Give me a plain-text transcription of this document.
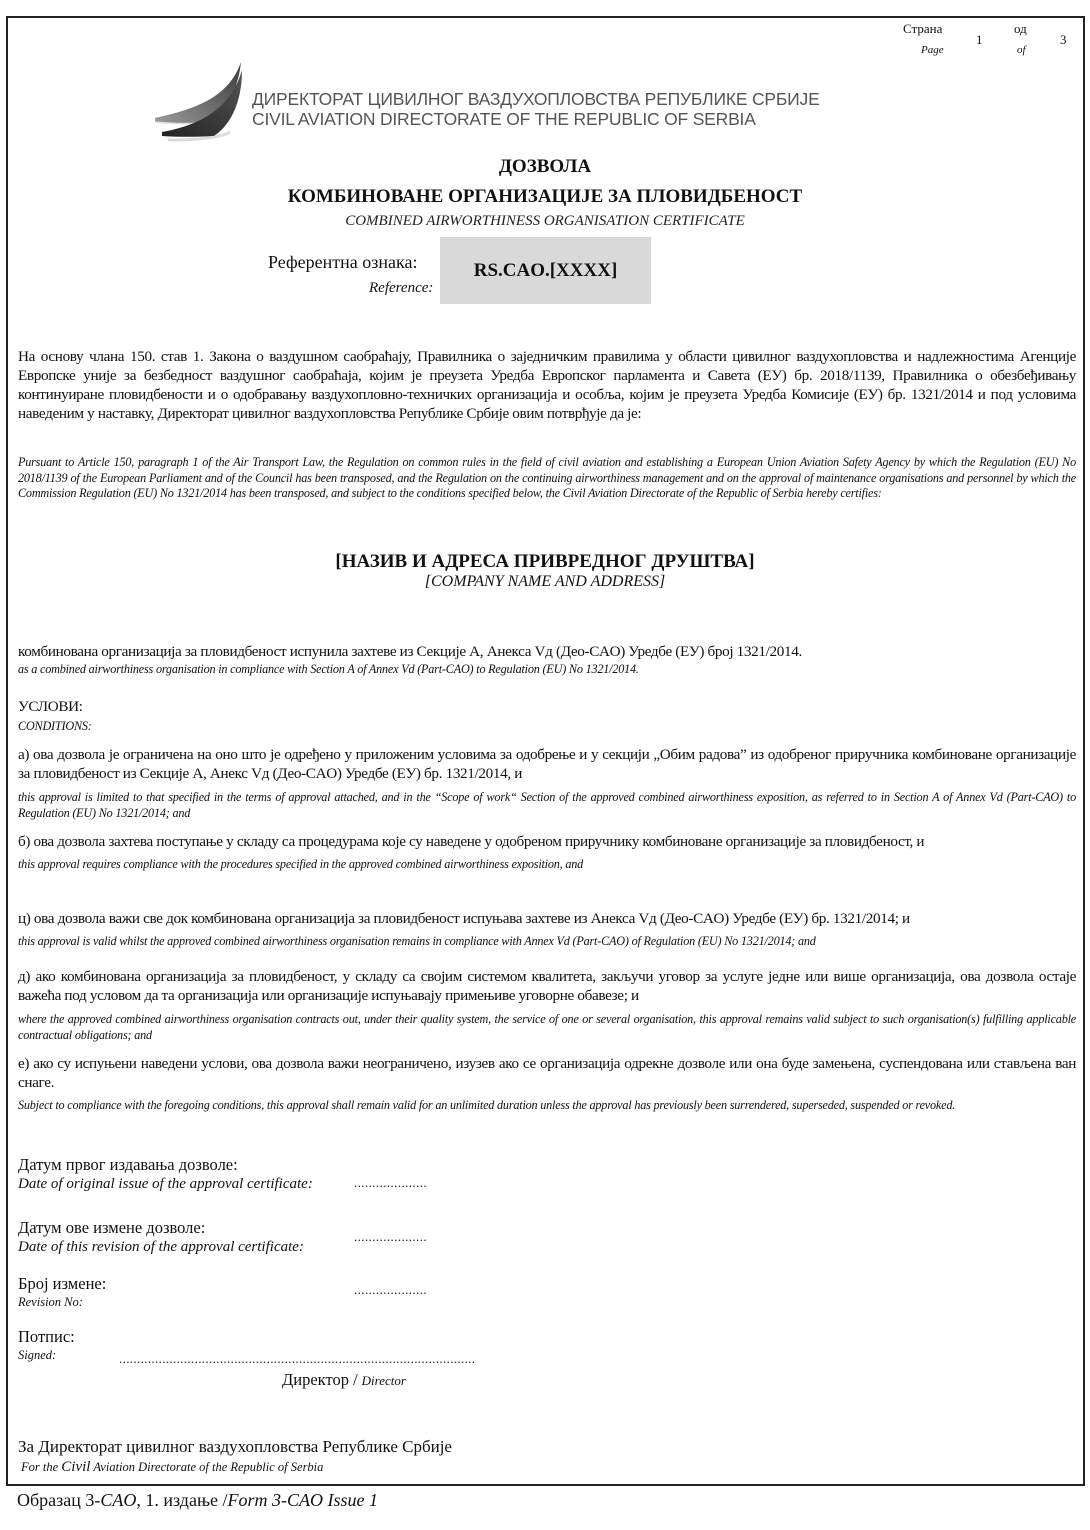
Страна
Page
1
од
of
3
ДИРЕКТОРАТ ЦИВИЛНОГ ВАЗДУХОПЛОВСТВА РЕПУБЛИКЕ СРБИЈЕ
CIVIL AVIATION DIRECTORATE OF THE REPUBLIC OF SERBIA
ДОЗВОЛА
КОМБИНОВАНЕ ОРГАНИЗАЦИЈЕ ЗА ПЛОВИДБЕНОСТ
COMBINED AIRWORTHINESS ORGANISATION CERTIFICATE
Референтна ознака:
Reference:
RS.CAO.[XXXX]
На основу члана 150. став 1. Закона о ваздушном саобраћају, Правилника о заједничким правилима у области цивилног ваздухопловства и надлежностима Агенције Европске уније за безбедност ваздушног саобраћаја, којим је преузета Уредба Европског парламента и Савета (ЕУ) бр. 2018/1139, Правилника о обезбеђивању континуиране пловидбености и о одобравању ваздухопловно-техничких организација и особља, којим је преузета Уредба Комисије (ЕУ) бр. 1321/2014 и под условима наведеним у наставку, Директорат цивилног ваздухопловства Републике Србије овим потврђује да је:
Pursuant to Article 150, paragraph 1 of the Air Transport Law, the Regulation on common rules in the field of civil aviation and establishing a European Union Aviation Safety Agency by which the Regulation (EU) No 2018/1139 of the European Parliament and of the Council has been transposed, and the Regulation on the continuing airworthiness management and on the approval of maintenance organisations and personnel by which the Commission Regulation (EU) No 1321/2014 has been transposed, and subject to the conditions specified below, the Civil Aviation Directorate of the Republic of Serbia hereby certifies:
[НАЗИВ И АДРЕСА ПРИВРЕДНОГ ДРУШТВА]
[COMPANY NAME AND ADDRESS]
комбинована организација за пловидбеност испунила захтеве из Секције А, Анекса Vд (Део-CAO) Уредбе (ЕУ) број 1321/2014.
as a combined airworthiness organisation in compliance with Section A of Annex Vd (Part-CAO) to Regulation (EU) No 1321/2014.
УСЛОВИ:
CONDITIONS:
а) ова дозвола је ограничена на оно што је одређено у приложеним условима за одобрење и у секцији „Обим радова” из одобреног приручника комбиноване организације за пловидбеност из Секције А, Анекс Vд (Део-CAO) Уредбе (ЕУ) бр. 1321/2014, и
this approval is limited to that specified in the terms of approval attached, and in the “Scope of work“ Section of the approved combined airworthiness exposition, as referred to in Section A of Annex Vd (Part-CAO) to Regulation (EU) No 1321/2014; and
б) ова дозвола захтева поступање у складу са процедурама које су наведене у одобреном приручнику комбиноване организације за пловидбеност, и
this approval requires compliance with the procedures specified in the approved combined airworthiness exposition, and
ц) ова дозвола важи све док комбинована организација за пловидбеност испуњава захтеве из Анекса Vд (Део-CAO) Уредбе (ЕУ) бр. 1321/2014; и
this approval is valid whilst the approved combined airworthiness organisation remains in compliance with Annex Vd (Part-CAO) of Regulation (EU) No 1321/2014; and
д) ако комбинована организација за пловидбеност, у складу са својим системом квалитета, закључи уговор за услуге једне или више организација, ова дозвола остаје важећа под условом да та организација или организације испуњавају примењиве уговорне обавезе; и
where the approved combined airworthiness organisation contracts out, under their quality system, the service of one or several organisation, this approval remains valid subject to such organisation(s) fulfilling applicable contractual obligations; and
е) ако су испуњени наведени услови, ова дозвола важи неограничено, изузев ако се организација одрекне дозволе или она буде замењена, суспендована или стављена ван снаге.
Subject to compliance with the foregoing conditions, this approval shall remain valid for an unlimited duration unless the approval has previously been surrendered, superseded, suspended or revoked.
Датум првог издавања дозволе:
Date of original issue of the approval certificate:	....................
Датум ове измене дозволе:
Date of this revision of the approval certificate:
....................
Број измене:
Revision No:
....................
Потпис:
Signed:	...................................................................................................
Директор / Director
За Директорат цивилног ваздухопловства Републике Србије
For the Civil Aviation Directorate of the Republic of Serbia
Образац 3-CAO, 1. издање /Form 3-CAO Issue 1
